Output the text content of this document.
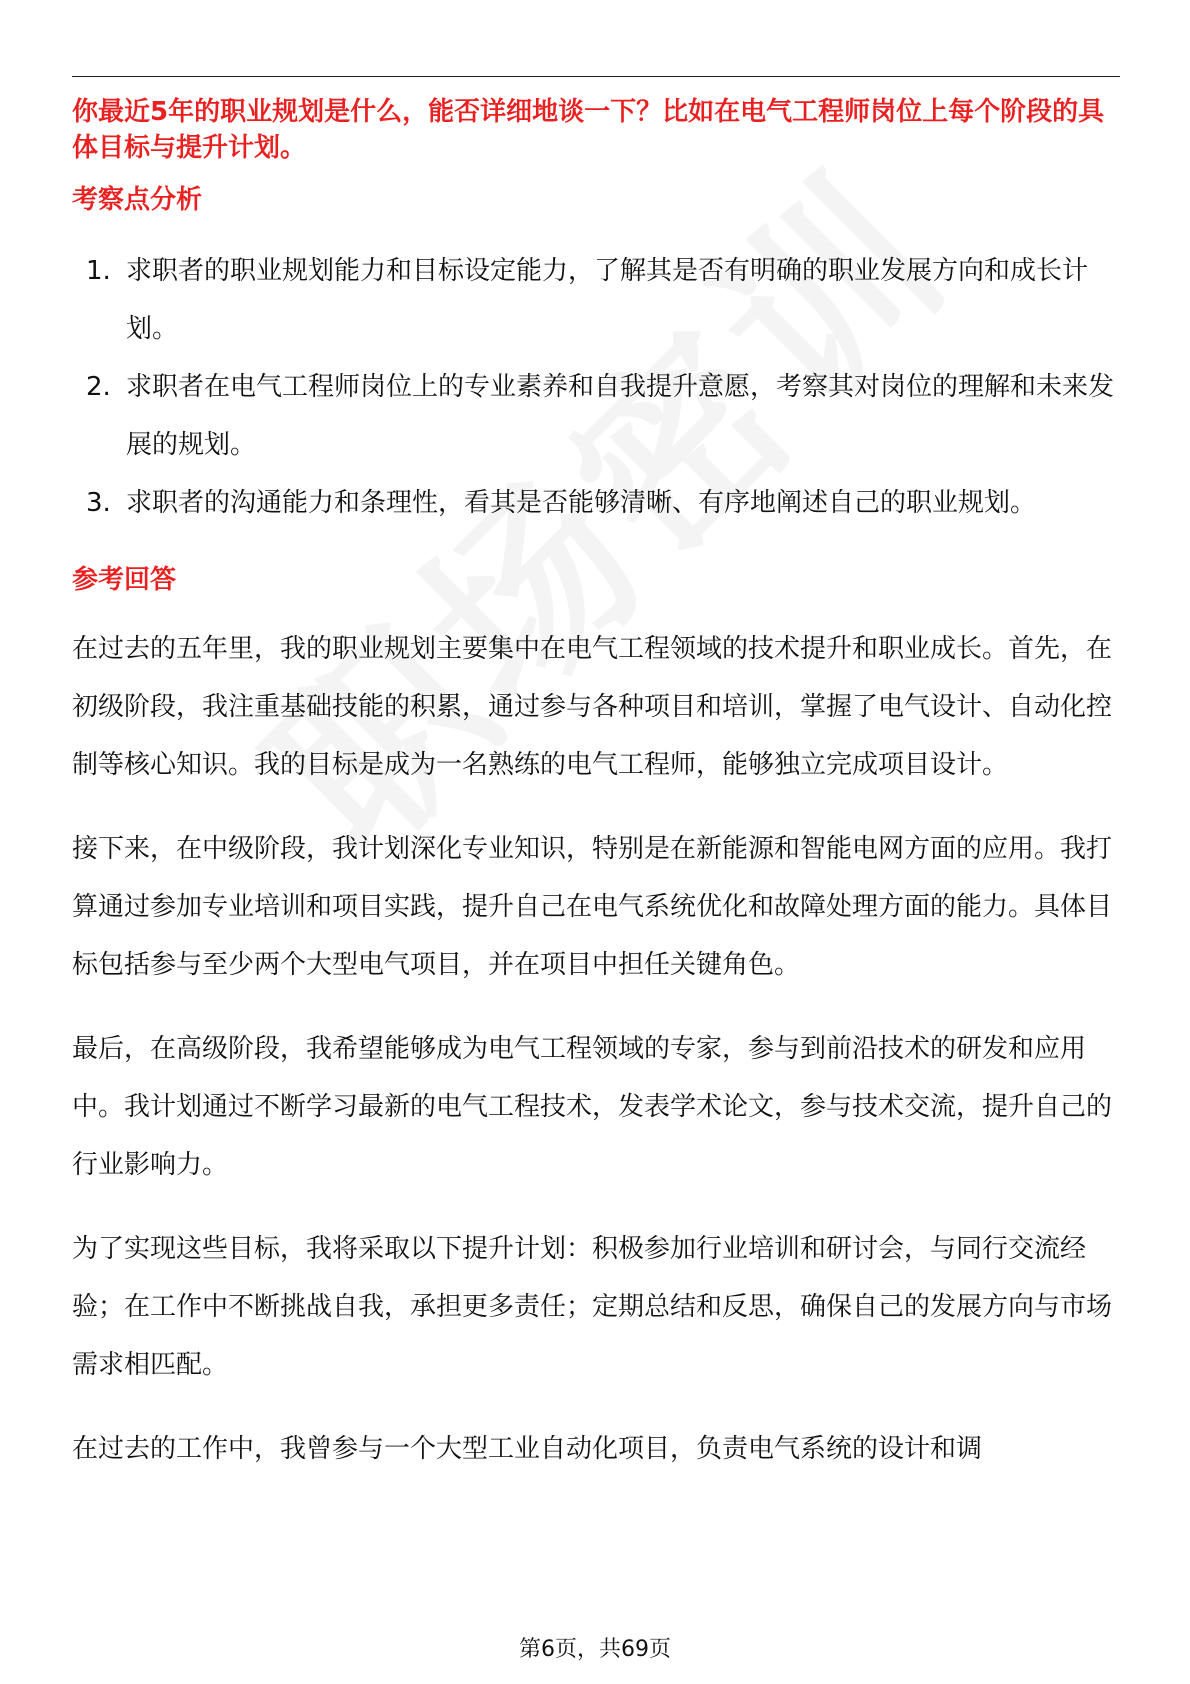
你最近5年的职业规划是什么，能否详细地谈一下？比如在电气工程师岗位上每个阶段的具体目标与提升计划。

考察点分析

1. 求职者的职业规划能力和目标设定能力，了解其是否有明确的职业发展方向和成长计划。
2. 求职者在电气工程师岗位上的专业素养和自我提升意愿，考察其对岗位的理解和未来发展的规划。
3. 求职者的沟通能力和条理性，看其是否能够清晰、有序地阐述自己的职业规划。

参考回答

在过去的五年里，我的职业规划主要集中在电气工程领域的技术提升和职业成长。首先，在初级阶段，我注重基础技能的积累，通过参与各种项目和培训，掌握了电气设计、自动化控制等核心知识。我的目标是成为一名熟练的电气工程师，能够独立完成项目设计。

接下来，在中级阶段，我计划深化专业知识，特别是在新能源和智能电网方面的应用。我打算通过参加专业培训和项目实践，提升自己在电气系统优化和故障处理方面的能力。具体目标包括参与至少两个大型电气项目，并在项目中担任关键角色。

最后，在高级阶段，我希望能够成为电气工程领域的专家，参与到前沿技术的研发和应用中。我计划通过不断学习最新的电气工程技术，发表学术论文，参与技术交流，提升自己的行业影响力。

为了实现这些目标，我将采取以下提升计划：积极参加行业培训和研讨会，与同行交流经验；在工作中不断挑战自我，承担更多责任；定期总结和反思，确保自己的发展方向与市场需求相匹配。

在过去的工作中，我曾参与一个大型工业自动化项目，负责电气系统的设计和调

第6页，共69页
